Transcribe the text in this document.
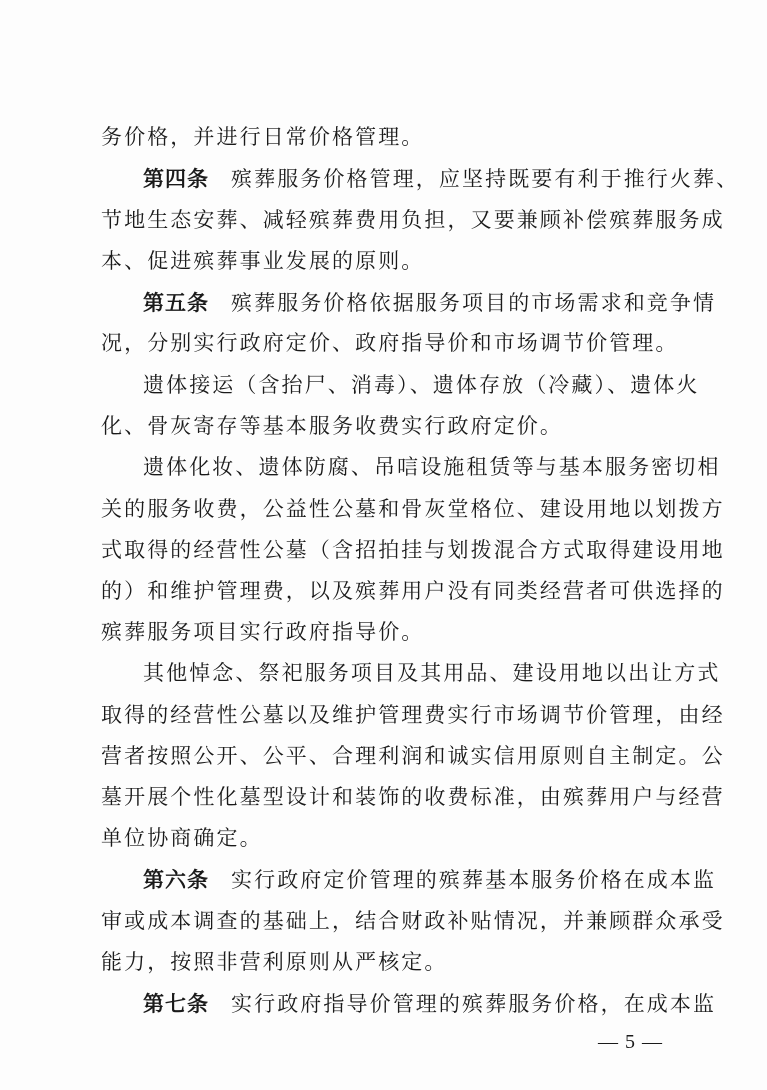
务价格，并进行日常价格管理。
第四条 殡葬服务价格管理，应坚持既要有利于推行火葬、
节地生态安葬、减轻殡葬费用负担，又要兼顾补偿殡葬服务成
本、促进殡葬事业发展的原则。
第五条 殡葬服务价格依据服务项目的市场需求和竞争情
况，分别实行政府定价、政府指导价和市场调节价管理。
遗体接运（含抬尸、消毒）、遗体存放（冷藏）、遗体火
化、骨灰寄存等基本服务收费实行政府定价。
遗体化妆、遗体防腐、吊唁设施租赁等与基本服务密切相
关的服务收费，公益性公墓和骨灰堂格位、建设用地以划拨方
式取得的经营性公墓（含招拍挂与划拨混合方式取得建设用地
的）和维护管理费，以及殡葬用户没有同类经营者可供选择的
殡葬服务项目实行政府指导价。
其他悼念、祭祀服务项目及其用品、建设用地以出让方式
取得的经营性公墓以及维护管理费实行市场调节价管理，由经
营者按照公开、公平、合理利润和诚实信用原则自主制定。公
墓开展个性化墓型设计和装饰的收费标准，由殡葬用户与经营
单位协商确定。
第六条 实行政府定价管理的殡葬基本服务价格在成本监
审或成本调查的基础上，结合财政补贴情况，并兼顾群众承受
能力，按照非营利原则从严核定。
第七条 实行政府指导价管理的殡葬服务价格，在成本监
— 5 —
